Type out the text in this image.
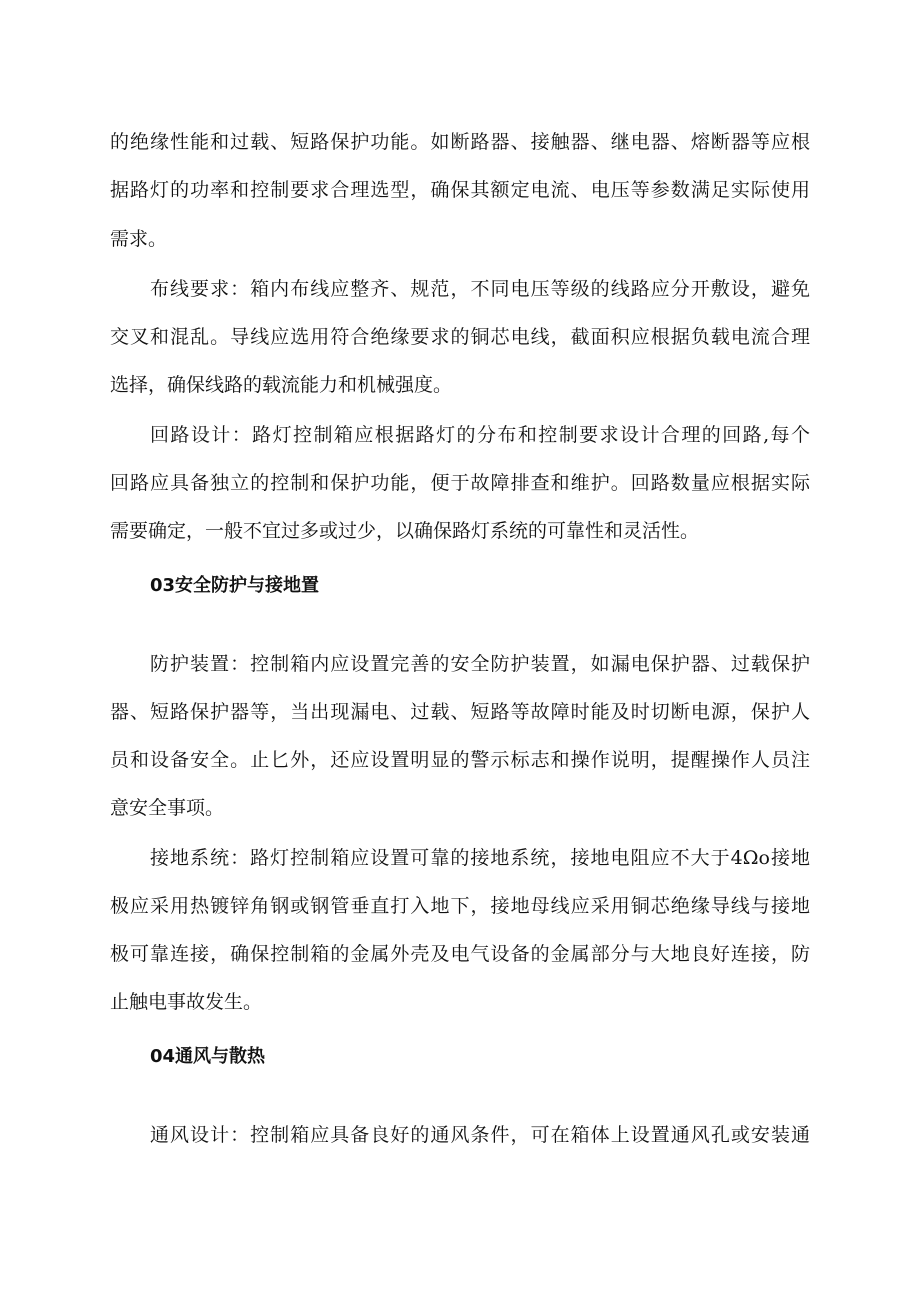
的绝缘性能和过载、短路保护功能。如断路器、接触器、继电器、熔断器等应根
据路灯的功率和控制要求合理选型，确保其额定电流、电压等参数满足实际使用
需求。
布线要求：箱内布线应整齐、规范，不同电压等级的线路应分开敷设，避免
交叉和混乱。导线应选用符合绝缘要求的铜芯电线，截面积应根据负载电流合理
选择，确保线路的载流能力和机械强度。
回路设计：路灯控制箱应根据路灯的分布和控制要求设计合理的回路,每个
回路应具备独立的控制和保护功能，便于故障排查和维护。回路数量应根据实际
需要确定，一般不宜过多或过少，以确保路灯系统的可靠性和灵活性。
03安全防护与接地置
防护装置：控制箱内应设置完善的安全防护装置，如漏电保护器、过载保护
器、短路保护器等，当出现漏电、过载、短路等故障时能及时切断电源，保护人
员和设备安全。止匕外，还应设置明显的警示标志和操作说明，提醒操作人员注
意安全事项。
接地系统：路灯控制箱应设置可靠的接地系统，接地电阻应不大于4Ωo接地
极应采用热镀锌角钢或钢管垂直打入地下，接地母线应采用铜芯绝缘导线与接地
极可靠连接，确保控制箱的金属外壳及电气设备的金属部分与大地良好连接，防
止触电事故发生。
04通风与散热
通风设计：控制箱应具备良好的通风条件，可在箱体上设置通风孔或安装通
